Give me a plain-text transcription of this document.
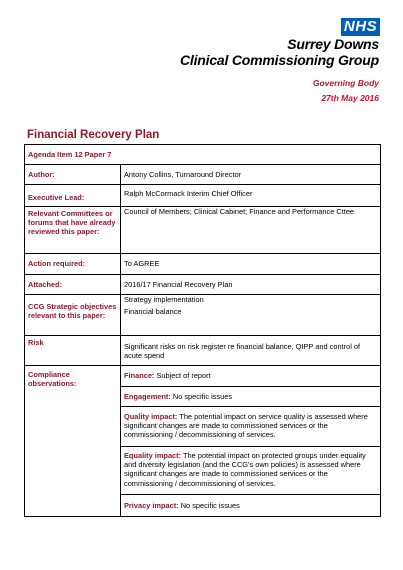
NHS
Surrey Downs
Clinical Commissioning Group
Governing Body
27th May 2016
Financial Recovery Plan
Agenda Item 12 Paper 7	
Author:	Antony Collins, Turnaround Director
Executive Lead:	Ralph McCormack Interim Chief Officer
Relevant Committees or forums that have already reviewed this paper:	Council of Members; Clinical Cabinet; Finance and Performance Cttee
Action required:	To AGREE
Attached:	2016/17 Financial Recovery Plan
CCG Strategic objectives relevant to this paper:	Strategy implementation
Financial balance
Risk	Significant risks on risk register re financial balance, QIPP and control of acute spend
Compliance observations:	Finance: Subject of report
	Engagement: No specific issues
	Quality impact: The potential impact on service quality is assessed where significant changes are made to commissioned services or the commissioning / decommissioning of services.
	Equality impact: The potential impact on protected groups under equality and diversity legislation (and the CCG's own policies) is assessed where significant changes are made to commissioned services or the commissioning / decommissioning of services.
	Privacy impact: No specific issues
